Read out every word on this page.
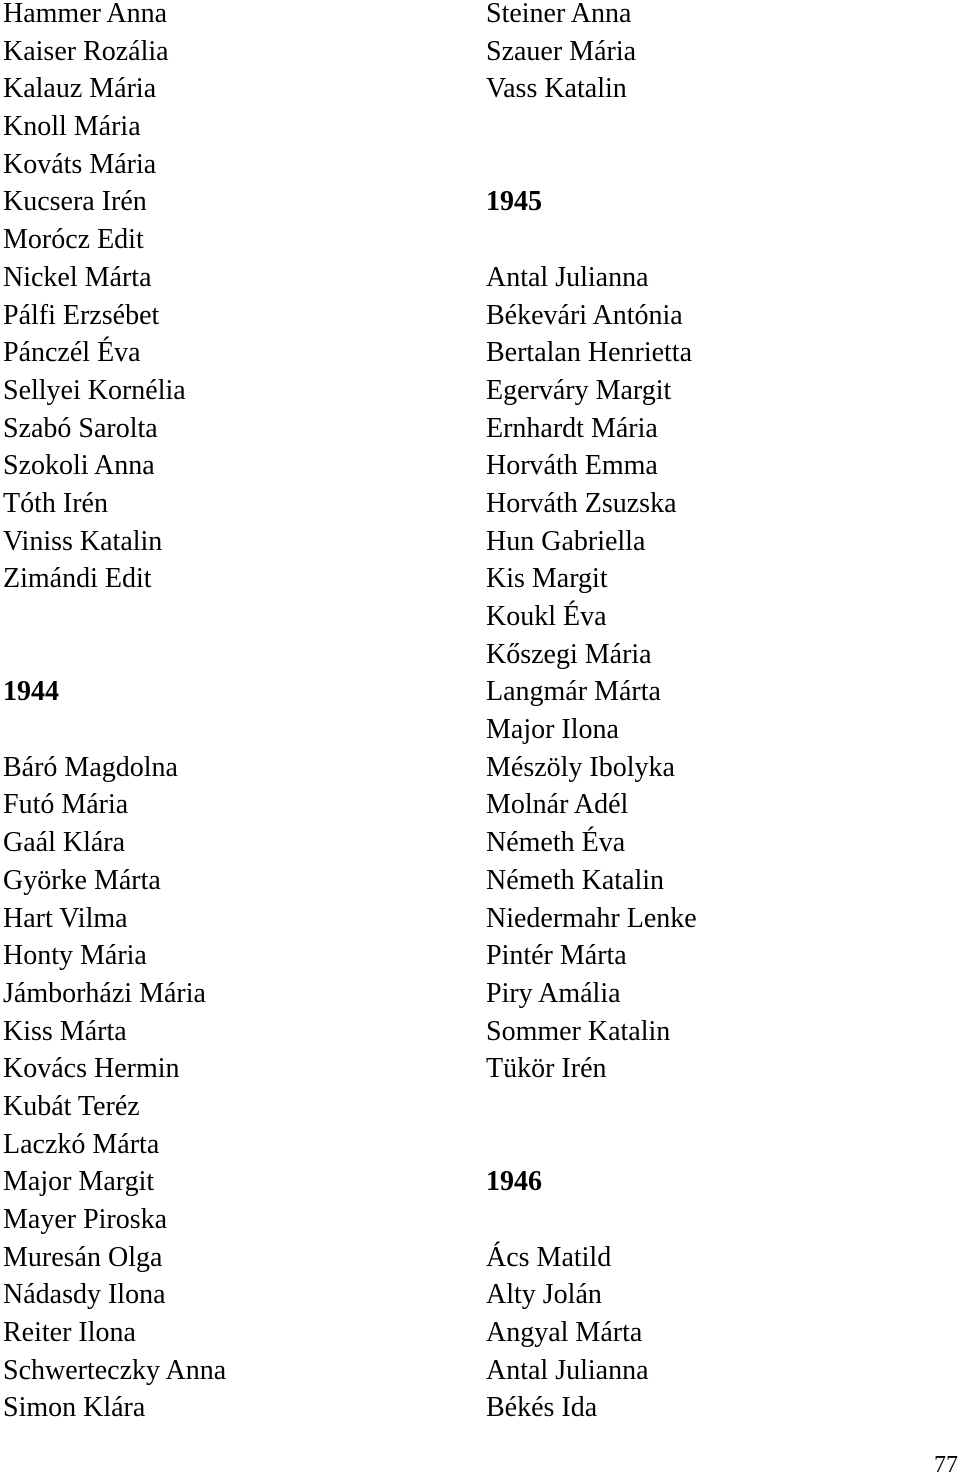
Hammer Anna
Kaiser Rozália
Kalauz Mária
Knoll Mária
Kováts Mária
Kucsera Irén
Morócz Edit
Nickel Márta
Pálfi Erzsébet
Pánczél Éva
Sellyei Kornélia
Szabó Sarolta
Szokoli Anna
Tóth Irén
Viniss Katalin
Zimándi Edit
1944
Báró Magdolna
Futó Mária
Gaál Klára
Györke Márta
Hart Vilma
Honty Mária
Jámborházi Mária
Kiss Márta
Kovács Hermin
Kubát Teréz
Laczkó Márta
Major Margit
Mayer Piroska
Muresán Olga
Nádasdy Ilona
Reiter Ilona
Schwerteczky Anna
Simon Klára
Steiner Anna
Szauer Mária
Vass Katalin
1945
Antal Julianna
Békevári Antónia
Bertalan Henrietta
Egerváry Margit
Ernhardt Mária
Horváth Emma
Horváth Zsuzska
Hun Gabriella
Kis Margit
Koukl Éva
Kőszegi Mária
Langmár Márta
Major Ilona
Mészöly Ibolyka
Molnár Adél
Németh Éva
Németh Katalin
Niedermahr Lenke
Pintér Márta
Piry Amália
Sommer Katalin
Tükör Irén
1946
Ács Matild
Alty Jolán
Angyal Márta
Antal Julianna
Békés Ida
77
